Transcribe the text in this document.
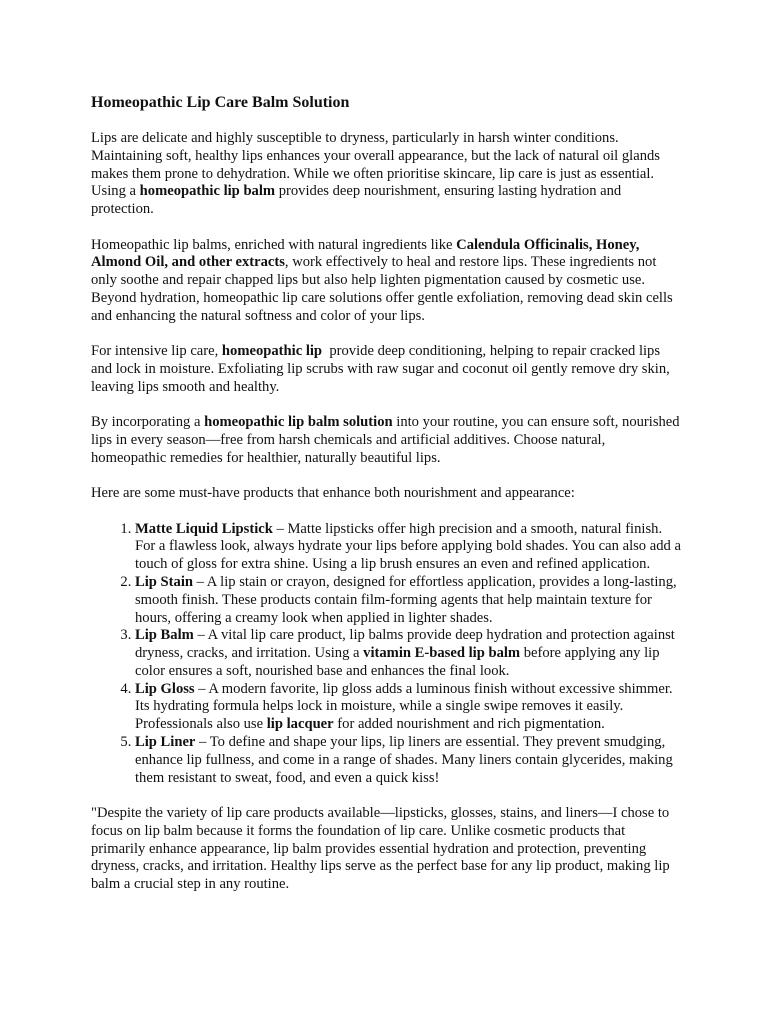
Homeopathic Lip Care Balm Solution

Lips are delicate and highly susceptible to dryness, particularly in harsh winter conditions. Maintaining soft, healthy lips enhances your overall appearance, but the lack of natural oil glands makes them prone to dehydration. While we often prioritise skincare, lip care is just as essential. Using a homeopathic lip balm provides deep nourishment, ensuring lasting hydration and protection.

Homeopathic lip balms, enriched with natural ingredients like Calendula Officinalis, Honey, Almond Oil, and other extracts, work effectively to heal and restore lips. These ingredients not only soothe and repair chapped lips but also help lighten pigmentation caused by cosmetic use. Beyond hydration, homeopathic lip care solutions offer gentle exfoliation, removing dead skin cells and enhancing the natural softness and color of your lips.

For intensive lip care, homeopathic lip  provide deep conditioning, helping to repair cracked lips and lock in moisture. Exfoliating lip scrubs with raw sugar and coconut oil gently remove dry skin, leaving lips smooth and healthy.

By incorporating a homeopathic lip balm solution into your routine, you can ensure soft, nourished lips in every season—free from harsh chemicals and artificial additives. Choose natural, homeopathic remedies for healthier, naturally beautiful lips.

Here are some must-have products that enhance both nourishment and appearance:

1. Matte Liquid Lipstick – Matte lipsticks offer high precision and a smooth, natural finish. For a flawless look, always hydrate your lips before applying bold shades. You can also add a touch of gloss for extra shine. Using a lip brush ensures an even and refined application.
2. Lip Stain – A lip stain or crayon, designed for effortless application, provides a long-lasting, smooth finish. These products contain film-forming agents that help maintain texture for hours, offering a creamy look when applied in lighter shades.
3. Lip Balm – A vital lip care product, lip balms provide deep hydration and protection against dryness, cracks, and irritation. Using a vitamin E-based lip balm before applying any lip color ensures a soft, nourished base and enhances the final look.
4. Lip Gloss – A modern favorite, lip gloss adds a luminous finish without excessive shimmer. Its hydrating formula helps lock in moisture, while a single swipe removes it easily. Professionals also use lip lacquer for added nourishment and rich pigmentation.
5. Lip Liner – To define and shape your lips, lip liners are essential. They prevent smudging, enhance lip fullness, and come in a range of shades. Many liners contain glycerides, making them resistant to sweat, food, and even a quick kiss!

"Despite the variety of lip care products available—lipsticks, glosses, stains, and liners—I chose to focus on lip balm because it forms the foundation of lip care. Unlike cosmetic products that primarily enhance appearance, lip balm provides essential hydration and protection, preventing dryness, cracks, and irritation. Healthy lips serve as the perfect base for any lip product, making lip balm a crucial step in any routine.
